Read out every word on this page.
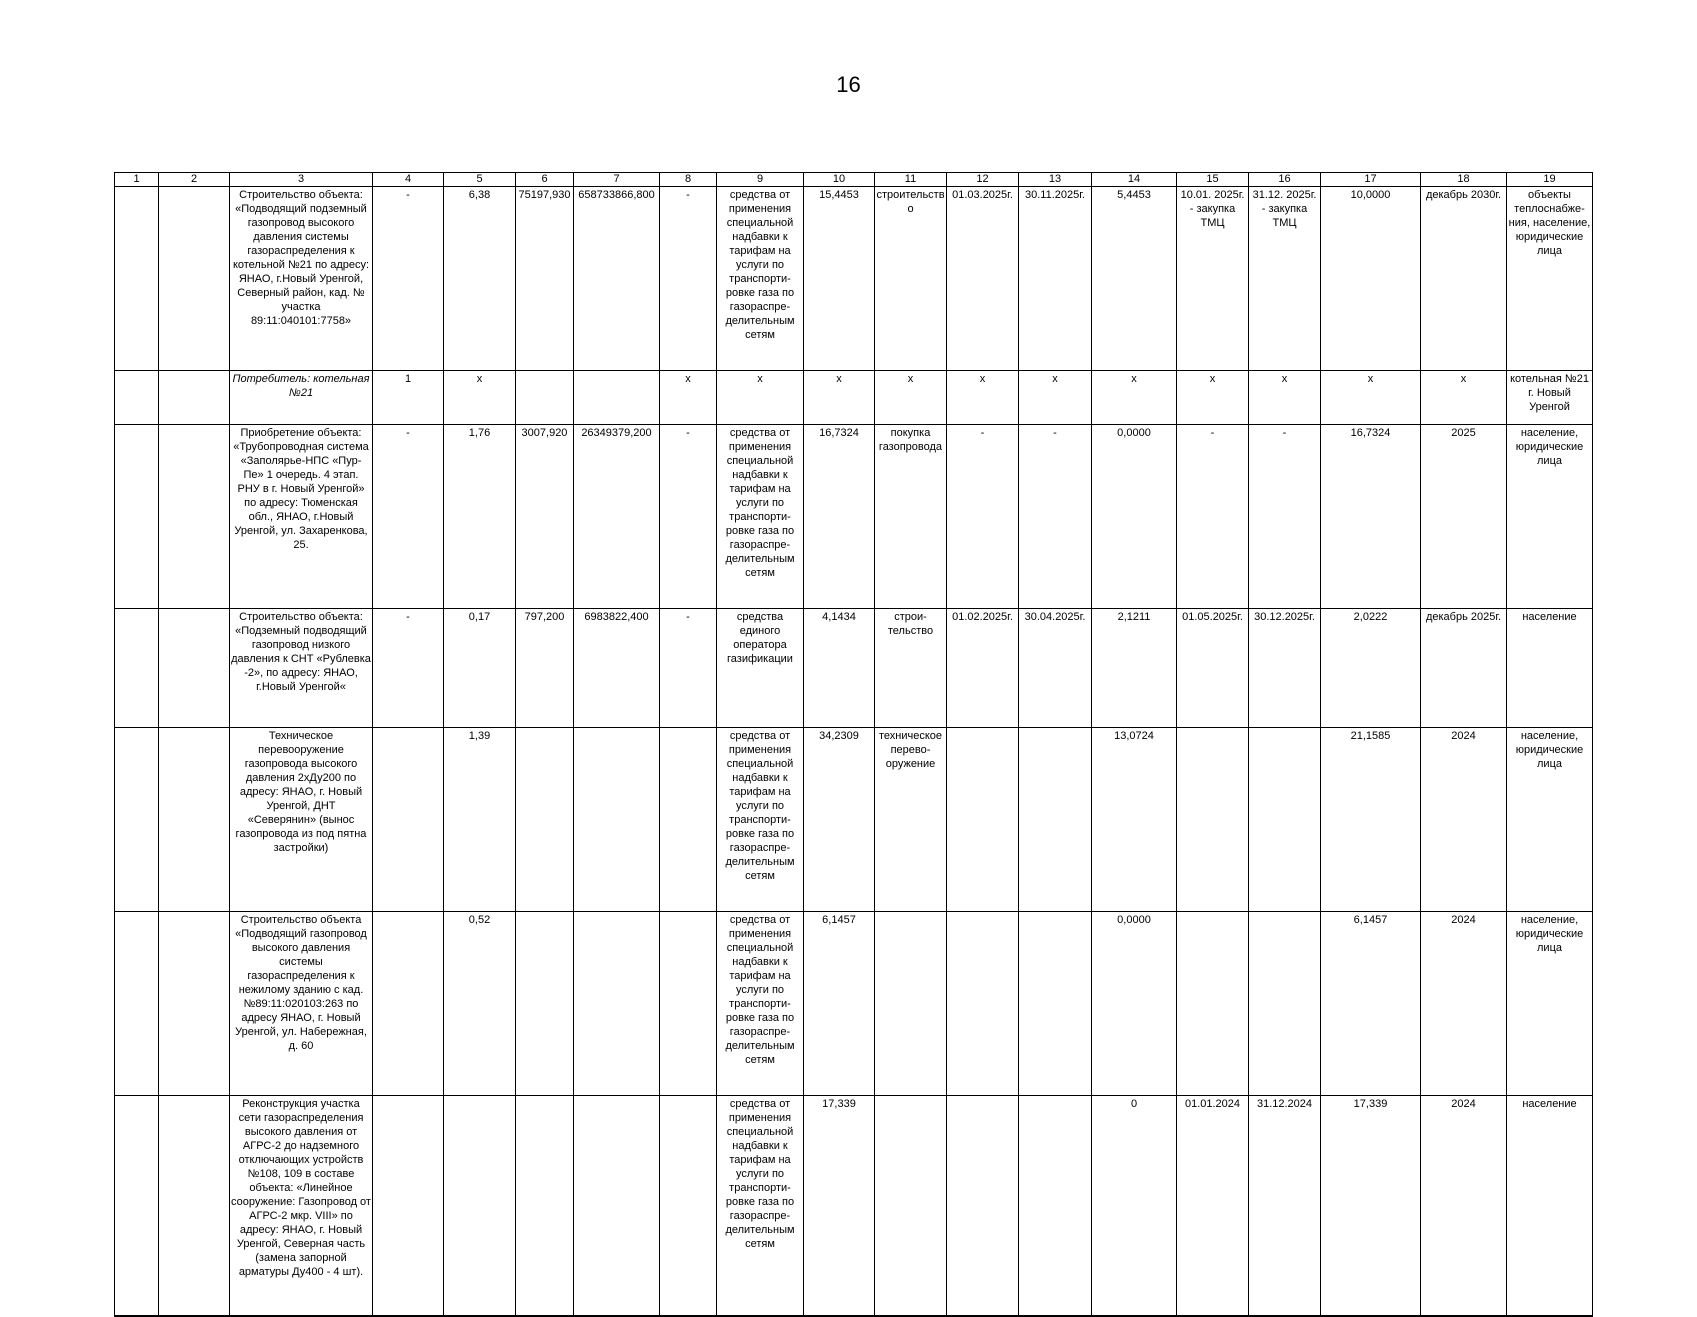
16
1	2	3	4	5	6	7	8	9	10	11	12	13	14	15	16	17	18	19
		Строительство объекта: «Подводящий подземный газопровод высокого давления системы газораспределения к котельной №21 по адресу: ЯНАО, г.Новый Уренгой, Северный район, кад. № участка 89:11:040101:7758»	-	6,38	75197,930	658733866,800	-	средства от применения специальной надбавки к тарифам на услуги по транспорти-ровке газа по газораспре-делительным сетям	15,4453	строительство	01.03.2025г.	30.11.2025г.	5,4453	10.01. 2025г. - закупка ТМЦ	31.12. 2025г. - закупка ТМЦ	10,0000	декабрь 2030г.	объекты теплоснабже-ния, население, юридические лица
		Потребитель: котельная №21	1	х			х	х	х	х	х	х	х	х	х	х	х	котельная №21 г. Новый Уренгой
		Приобретение объекта: «Трубопроводная система «Заполярье-НПС «Пур-Пе» 1 очередь. 4 этап. РНУ в г. Новый Уренгой» по адресу: Тюменская обл., ЯНАО, г.Новый Уренгой, ул. Захаренкова, 25.	-	1,76	3007,920	26349379,200	-	средства от применения специальной надбавки к тарифам на услуги по транспорти-ровке газа по газораспре-делительным сетям	16,7324	покупка газопровода	-	-	0,0000	-	-	16,7324	2025	население, юридические лица
		Строительство объекта: «Подземный подводящий газопровод низкого давления к СНТ «Рублевка -2», по адресу: ЯНАО, г.Новый Уренгой«	-	0,17	797,200	6983822,400	-	средства единого оператора газификации	4,1434	строи-тельство	01.02.2025г.	30.04.2025г.	2,1211	01.05.2025г.	30.12.2025г.	2,0222	декабрь 2025г.	население
		Техническое перевооружение газопровода высокого давления 2хДу200 по адресу: ЯНАО, г. Новый Уренгой, ДНТ «Северянин» (вынос газопровода из под пятна застройки)		1,39				средства от применения специальной надбавки к тарифам на услуги по транспорти-ровке газа по газораспре-делительным сетям	34,2309	техническое перево-оружение			13,0724			21,1585	2024	население, юридические лица
		Строительство объекта «Подводящий газопровод высокого давления системы газораспределения к нежилому зданию с кад. №89:11:020103:263 по адресу ЯНАО, г. Новый Уренгой, ул. Набережная, д. 60		0,52				средства от применения специальной надбавки к тарифам на услуги по транспорти-ровке газа по газораспре-делительным сетям	6,1457				0,0000			6,1457	2024	население, юридические лица
		Реконструкция участка сети газораспределения высокого давления от АГРС-2 до надземного отключающих устройств №108, 109 в составе объекта: «Линейное сооружение: Газопровод от АГРС-2 мкр. VIII» по адресу: ЯНАО, г. Новый Уренгой, Северная часть (замена запорной арматуры Ду400 - 4 шт).						средства от применения специальной надбавки к тарифам на услуги по транспорти-ровке газа по газораспре-делительным сетям	17,339				0	01.01.2024	31.12.2024	17,339	2024	население
